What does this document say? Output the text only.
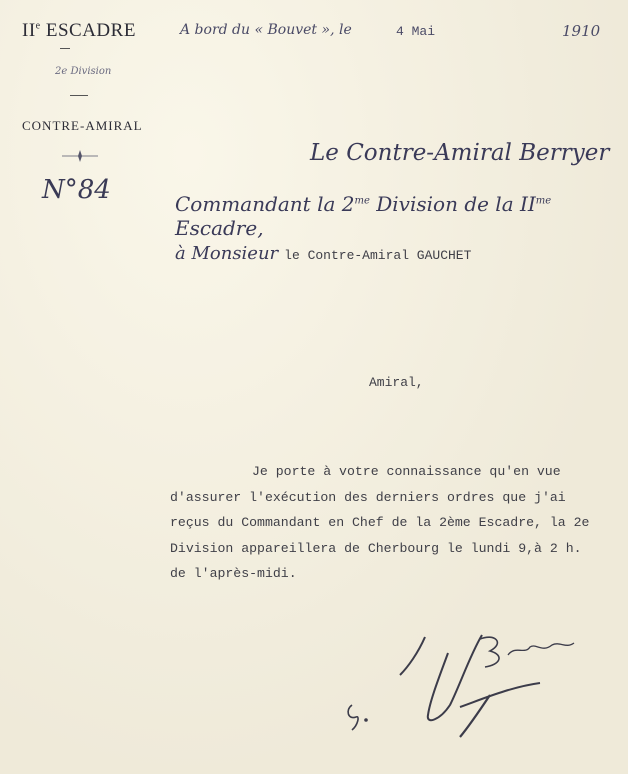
IIe ESCADRE
2e Division
CONTRE-AMIRAL
N°84
A bord du « Bouvet », le	4 Mai	1910
Le Contre-Amiral Berryer
Commandant la $2^{me}$ Division de la $II^{me}$ Escadre,
à Monsieur le Contre-Amiral GAUCHET
Amiral,
Je porte à votre connaissance qu'en vue
d'assurer l'exécution des derniers ordres que j'ai
reçus du Commandant en Chef de la 2ème Escadre, la 2e
Division appareillera de Cherbourg le lundi 9,à 2 h.
de l'après-midi.
